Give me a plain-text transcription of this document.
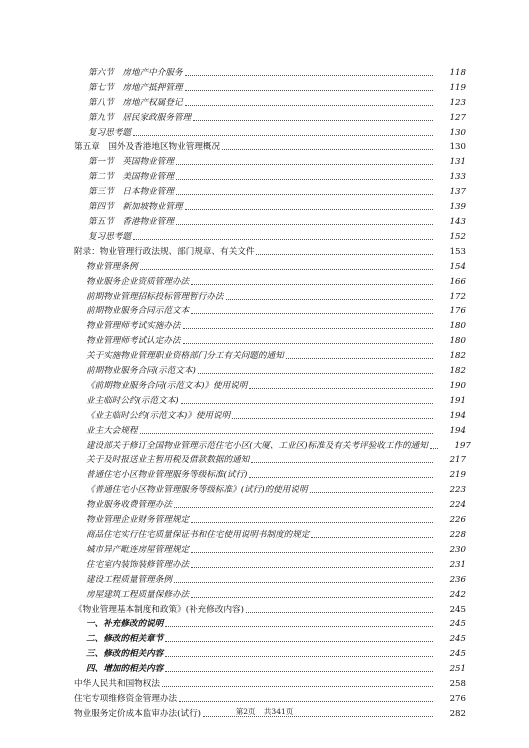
第六节　房地产中介服务	118
第七节　房地产抵押管理	119
第八节　房地产权属登记	123
第九节　居民家政服务管理	127
复习思考题	130
第五章　国外及香港地区物业管理概况	130
第一节　英国物业管理	131
第二节　美国物业管理	133
第三节　日本物业管理	137
第四节　新加坡物业管理	139
第五节　香港物业管理	143
复习思考题	152
附录：物业管理行政法规、部门规章、有关文件	153
物业管理条例	154
物业服务企业资质管理办法	166
前期物业管理招标投标管理暂行办法	172
前期物业服务合同示范文本	176
物业管理师考试实施办法	180
物业管理师考试认定办法	180
关于实施物业管理职业资格部门分工有关问题的通知	182
前期物业服务合同(示范文本)	182
《前期物业服务合同(示范文本)》使用说明	190
业主临时公约(示范文本)	191
《业主临时公约(示范文本)》使用说明	194
业主大会规程	194
建设部关于修订全国物业管理示范住宅小区(大厦、工业区)标准及有关考评验收工作的通知	197
关于及时报送业主暂用税及借款数据的通知	217
普通住宅小区物业管理服务等级标准(试行)	219
《普通住宅小区物业管理服务等级标准》(试行)的使用说明	223
物业服务收费管理办法	224
物业管理企业财务管理规定	226
商品住宅实行住宅质量保证书和住宅使用说明书制度的规定	228
城市异产毗连房屋管理规定	230
住宅室内装饰装修管理办法	231
建设工程质量管理条例	236
房屋建筑工程质量保修办法	242
《物业管理基本制度和政策》(补充修改内容)	245
一、补充修改的说明	245
二、修改的相关章节	245
三、修改的相关内容	245
四、增加的相关内容	251
中华人民共和国物权法	258
住宅专项维修资金管理办法	276
物业服务定价成本监审办法(试行)	282
第2页 共341页
